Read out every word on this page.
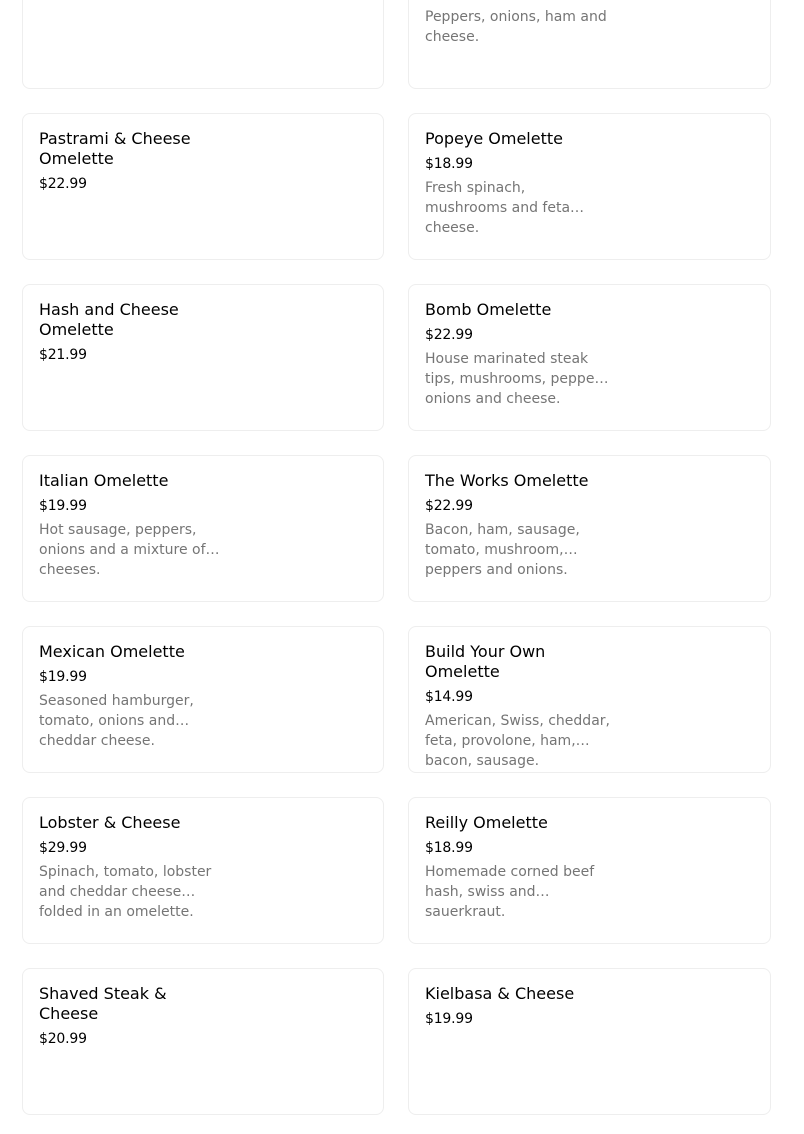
Peppers, onions, ham and cheese.
Pastrami & Cheese Omelette
$22.99
Popeye Omelette
$18.99
Fresh spinach, mushrooms and feta cheese.
Hash and Cheese Omelette
$21.99
Bomb Omelette
$22.99
House marinated steak tips, mushrooms, pepper onions and cheese.
Italian Omelette
$19.99
Hot sausage, peppers, onions and a mixture of cheeses.
The Works Omelette
$22.99
Bacon, ham, sausage, tomato, mushroom, peppers and onions.
Mexican Omelette
$19.99
Seasoned hamburger, tomato, onions and cheddar cheese.
Build Your Own Omelette
$14.99
American, Swiss, cheddar, feta, provolone, ham, bacon, sausage.
Lobster & Cheese
$29.99
Spinach, tomato, lobster and cheddar cheese folded in an omelette.
Reilly Omelette
$18.99
Homemade corned beef hash, swiss and sauerkraut.
Shaved Steak & Cheese
$20.99
Kielbasa & Cheese
$19.99
